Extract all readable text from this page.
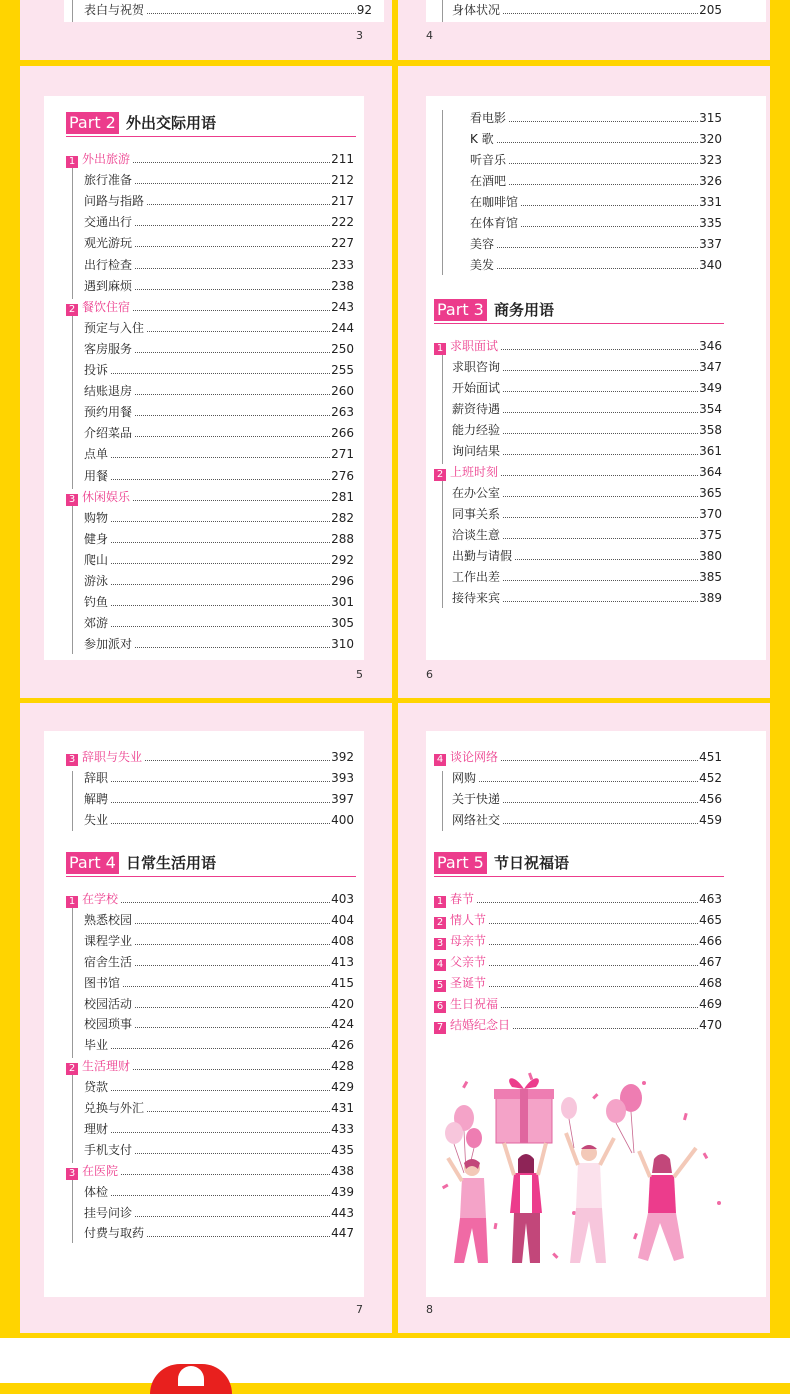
表白与祝贺	92
3
身体状况	205
4
Part 2 外出交际用语
5
1 外出旅游	211
旅行准备	212
问路与指路	217
交通出行	222
观光游玩	227
出行检查	233
遇到麻烦	238
2 餐饮住宿	243
预定与入住	244
客房服务	250
投诉	255
结账退房	260
预约用餐	263
介绍菜品	266
点单	271
用餐	276
3 休闲娱乐	281
购物	282
健身	288
爬山	292
游泳	296
钓鱼	301
郊游	305
参加派对	310
Part 3 商务用语
6
看电影	315
K 歌	320
听音乐	323
在酒吧	326
在咖啡馆	331
在体育馆	335
美容	337
美发	340
1 求职面试	346
求职咨询	347
开始面试	349
薪资待遇	354
能力经验	358
询问结果	361
2 上班时刻	364
在办公室	365
同事关系	370
洽谈生意	375
出勤与请假	380
工作出差	385
接待来宾	389
Part 4 日常生活用语
7
3 辞职与失业	392
辞职	393
解聘	397
失业	400
1 在学校	403
熟悉校园	404
课程学业	408
宿舍生活	413
图书馆	415
校园活动	420
校园琐事	424
毕业	426
2 生活理财	428
贷款	429
兑换与外汇	431
理财	433
手机支付	435
3 在医院	438
体检	439
挂号问诊	443
付费与取药	447
Part 5 节日祝福语
8
4 谈论网络	451
网购	452
关于快递	456
网络社交	459
1 春节	463
2 情人节	465
3 母亲节	466
4 父亲节	467
5 圣诞节	468
6 生日祝福	469
7 结婚纪念日	470
